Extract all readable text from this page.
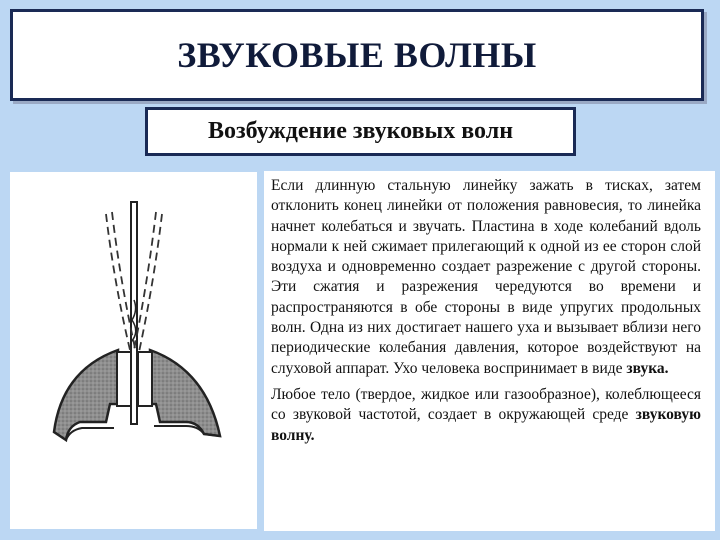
ЗВУКОВЫЕ ВОЛНЫ
Возбуждение звуковых волн

Если длинную стальную линейку зажать в тисках, затем отклонить конец линейки от положения равновесия, то линейка начнет колебаться и звучать. Пластина в ходе колебаний вдоль нормали к ней сжимает прилегающий к одной из ее сторон слой воздуха и одновременно создает разрежение с другой стороны. Эти сжатия и разрежения чередуются во времени и распространяются в обе стороны в виде упругих продольных волн. Одна из них достигает нашего уха и вызывает вблизи него периодические колебания давления, которое воздействуют на слуховой аппарат. Ухо человека воспринимает в виде звука.

Любое тело (твердое, жидкое или газообразное), колеблющееся со звуковой частотой, создает в окружающей среде звуковую волну.
